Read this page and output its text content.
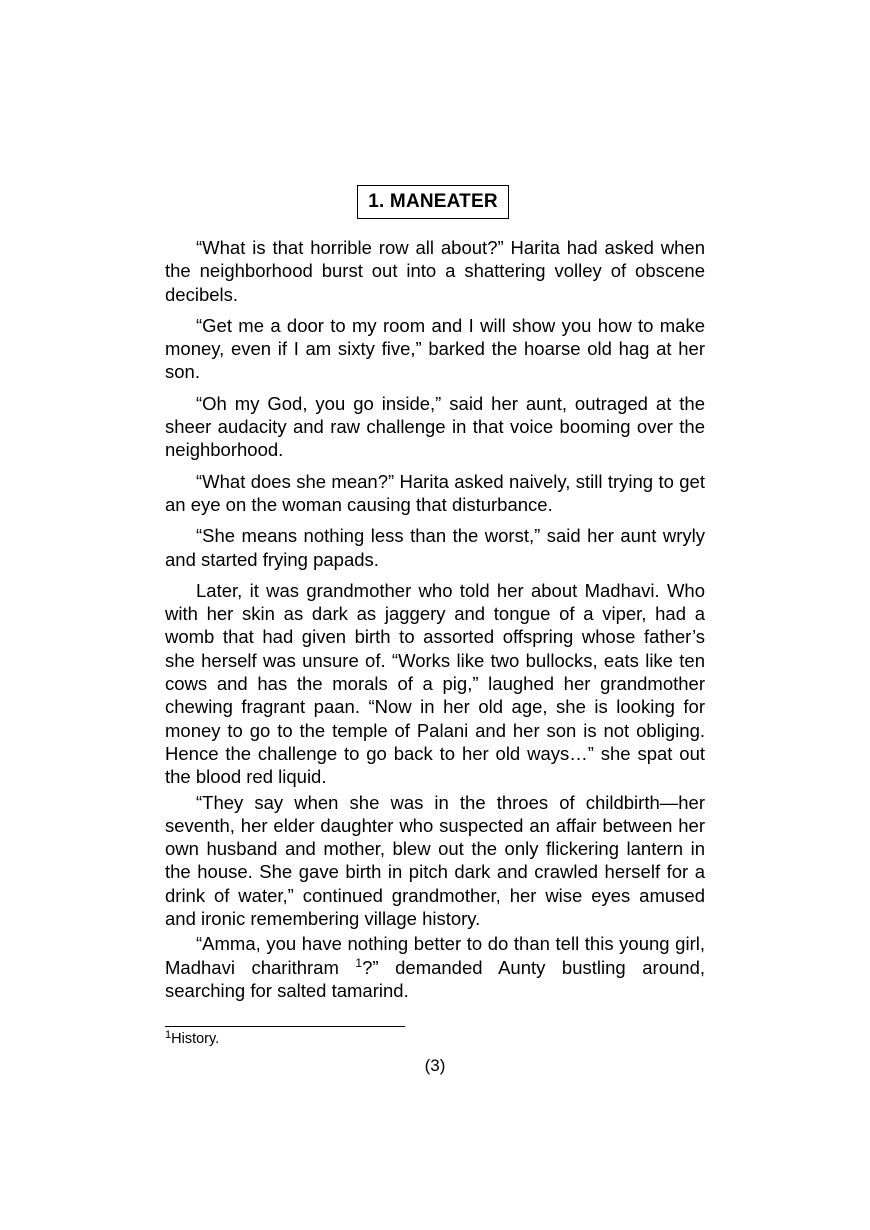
1. MANEATER

“What is that horrible row all about?” Harita had asked when the neighborhood burst out into a shattering volley of obscene decibels.

“Get me a door to my room and I will show you how to make money, even if I am sixty five,” barked the hoarse old hag at her son.

“Oh my God, you go inside,” said her aunt, outraged at the sheer audacity and raw challenge in that voice booming over the neighborhood.

“What does she mean?” Harita asked naively, still trying to get an eye on the woman causing that disturbance.

“She means nothing less than the worst,” said her aunt wryly and started frying papads.

Later, it was grandmother who told her about Madhavi. Who with her skin as dark as jaggery and tongue of a viper, had a womb that had given birth to assorted offspring whose father’s she herself was unsure of. “Works like two bullocks, eats like ten cows and has the morals of a pig,” laughed her grandmother chewing fragrant paan. “Now in her old age, she is looking for money to go to the temple of Palani and her son is not obliging. Hence the challenge to go back to her old ways…” she spat out the blood red liquid.

“They say when she was in the throes of childbirth—her seventh, her elder daughter who suspected an affair between her own husband and mother, blew out the only flickering lantern in the house. She gave birth in pitch dark and crawled herself for a drink of water,” continued grandmother, her wise eyes amused and ironic remembering village history.

“Amma, you have nothing better to do than tell this young girl, Madhavi charithram $^1$?” demanded Aunty bustling around, searching for salted tamarind.

$^1$History.
(3)
